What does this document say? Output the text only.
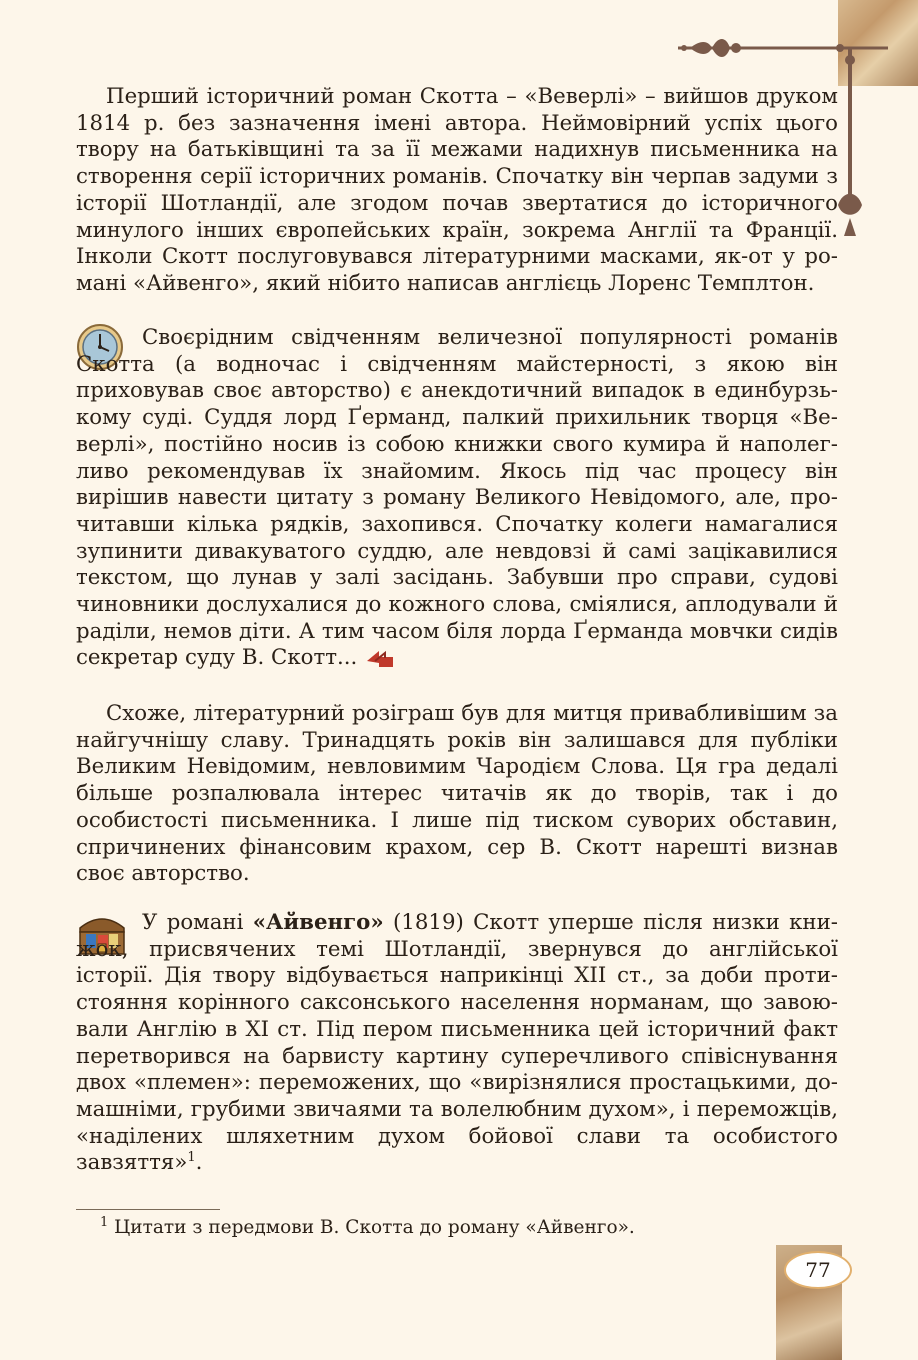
Перший історичний роман Скотта – «Веверлі» – вийшов друком 1814 р. без зазначення імені автора. Неймовірний успіх цього твору на батьківщині та за її межами надихнув письменника на створення серії історичних романів. Спочатку він черпав задуми з історії Шотландії, але згодом почав звертатися до історичного минулого інших європейських країн, зокрема Англії та Франції. Інколи Скотт послуговувався літературними масками, як-от у романі «Айвенго», який нібито написав англієць Лоренс Темплтон.

Своєрідним свідченням величезної популярності романів Скотта (а водночас і свідченням майстерності, з якою він приховував своє авторство) є анекдотичний випадок в единбурзькому суді. Суддя лорд Ґерманд, палкий прихильник творця «Веверлі», постійно носив із собою книжки свого кумира й наполегливо рекомендував їх знайомим. Якось під час процесу він вирішив навести цитату з роману Великого Невідомого, але, прочитавши кілька рядків, захопився. Спочатку колеги намагалися зупинити дивакуватого суддю, але невдовзі й самі зацікавилися текстом, що лунав у залі засідань. Забувши про справи, судові чиновники дослухалися до кожного слова, сміялися, аплодували й раділи, немов діти. А тим часом біля лорда Ґерманда мовчки сидів секретар суду В. Скотт...

Схоже, літературний розіграш був для митця привабливішим за найгучнішу славу. Тринадцять років він залишався для публіки Великим Невідомим, невловимим Чародієм Слова. Ця гра дедалі більше розпалювала інтерес читачів як до творів, так і до особистості письменника. І лише під тиском суворих обставин, спричинених фінансовим крахом, сер В. Скотт нарешті визнав своє авторство.

У романі «Айвенго» (1819) Скотт уперше після низки книжок, присвячених темі Шотландії, звернувся до англійської історії. Дія твору відбувається наприкінці XII ст., за доби протистояння корінного саксонського населення норманам, що завоювали Англію в XI ст. Під пером письменника цей історичний факт перетворився на барвисту картину суперечливого співіснування двох «племен»: переможених, що «вирізнялися простацькими, домашніми, грубими звичаями та волелюбним духом», і переможців, «наділених шляхетним духом бойової слави та особистого завзяття»$^1$.

$^1$ Цитати з передмови В. Скотта до роману «Айвенго».
77
